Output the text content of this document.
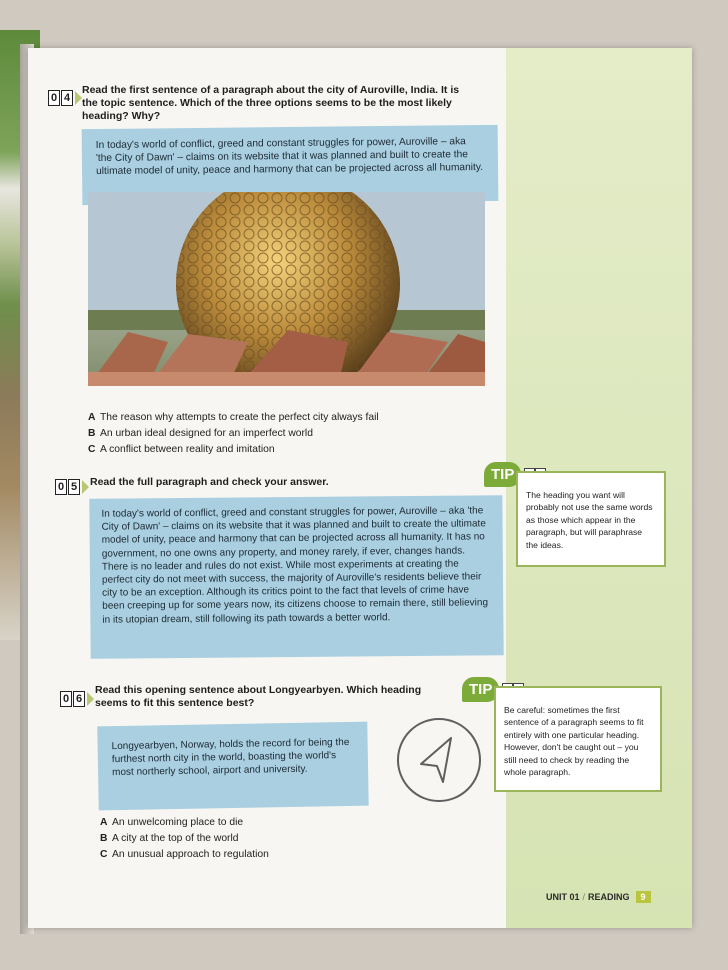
0 4
Read the first sentence of a paragraph about the city of Auroville, India. It is the topic sentence. Which of the three options seems to be the most likely heading? Why?
In today's world of conflict, greed and constant struggles for power, Auroville – aka 'the City of Dawn' – claims on its website that it was planned and built to create the ultimate model of unity, peace and harmony that can be projected across all humanity.
A The reason why attempts to create the perfect city always fail
B An urban ideal designed for an imperfect world
C A conflict between reality and imitation
0 5 Read the full paragraph and check your answer.
In today's world of conflict, greed and constant struggles for power, Auroville – aka 'the City of Dawn' – claims on its website that it was planned and built to create the ultimate model of unity, peace and harmony that can be projected across all humanity. It has no government, no one owns any property, and money rarely, if ever, changes hands. There is no leader and rules do not exist. While most experiments at creating the perfect city do not meet with success, the majority of Auroville's residents believe their city to be an exception. Although its critics point to the fact that levels of crime have been creeping up for some years now, its citizens choose to remain there, still believing in its utopian dream, still following its path towards a better world.
TIP
The heading you want will probably not use the same words as those which appear in the paragraph, but will paraphrase the ideas.
0 6
Read this opening sentence about Longyearbyen. Which heading seems to fit this sentence best?
Longyearbyen, Norway, holds the record for being the furthest north city in the world, boasting the world's most northerly school, airport and university.
A An unwelcoming place to die
B A city at the top of the world
C An unusual approach to regulation
TIP
Be careful: sometimes the first sentence of a paragraph seems to fit entirely with one particular heading. However, don't be caught out – you still need to check by reading the whole paragraph.
UNIT 01 / READING	9
